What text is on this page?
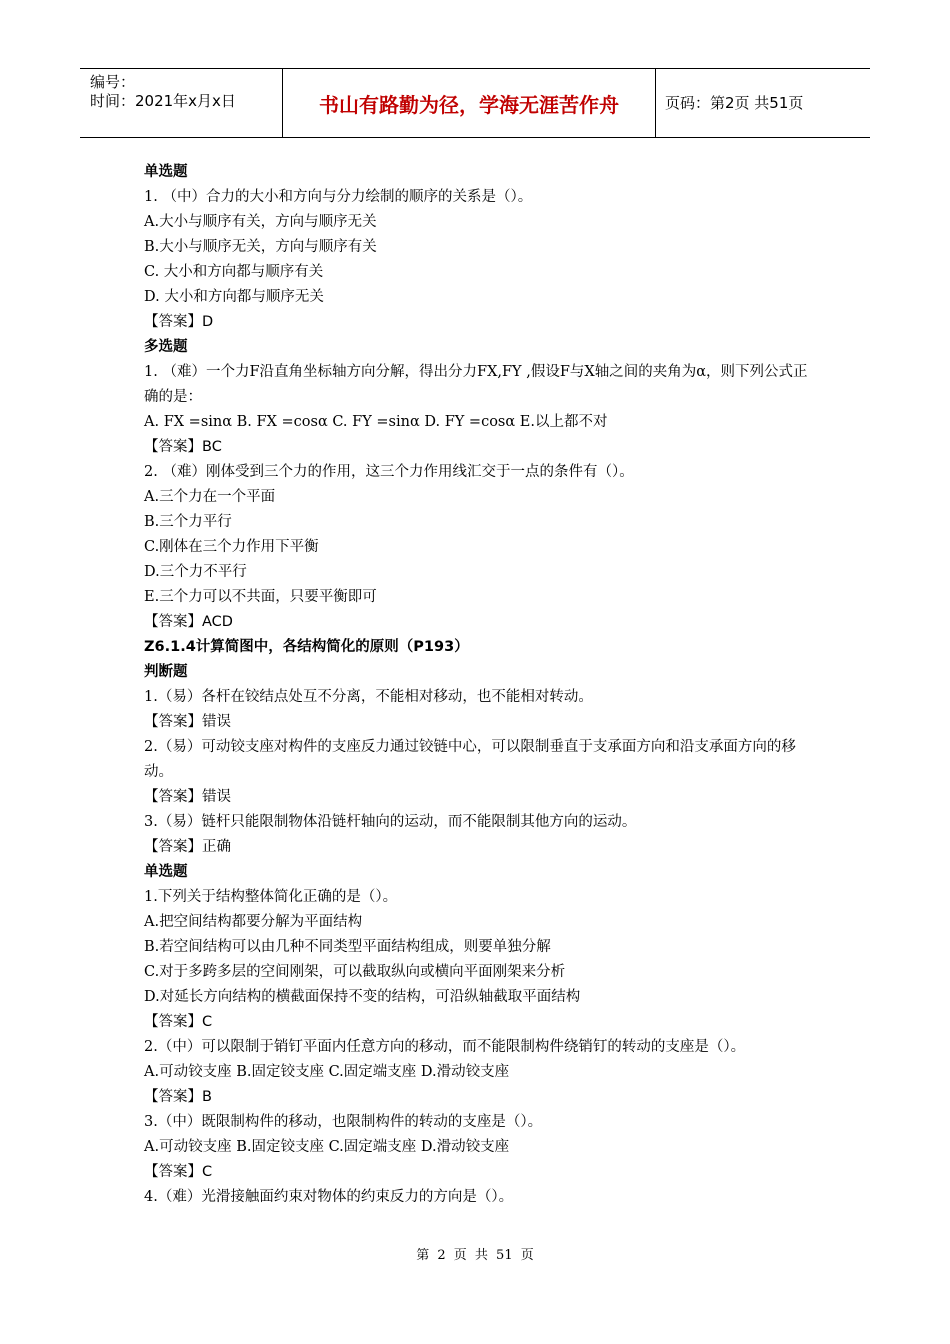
编号：
时间：2021年x月x日	书山有路勤为径，学海无涯苦作舟	页码：第2页 共51页
单选题
1. （中）合力的大小和方向与分力绘制的顺序的关系是（）。
A.大小与顺序有关，方向与顺序无关
B.大小与顺序无关，方向与顺序有关
C. 大小和方向都与顺序有关
D. 大小和方向都与顺序无关
【答案】D
多选题
1. （难）一个力F沿直角坐标轴方向分解，得出分力FX,FY ,假设F与X轴之间的夹角为α，则下列公式正确的是：
A. FX =sinα B. FX =cosα C. FY =sinα D. FY =cosα E.以上都不对
【答案】BC
2. （难）刚体受到三个力的作用，这三个力作用线汇交于一点的条件有（）。
A.三个力在一个平面
B.三个力平行
C.刚体在三个力作用下平衡
D.三个力不平行
E.三个力可以不共面，只要平衡即可
【答案】ACD
Z6.1.4计算简图中，各结构简化的原则（P193）
判断题
1.（易）各杆在铰结点处互不分离，不能相对移动，也不能相对转动。
【答案】错误
2.（易）可动铰支座对构件的支座反力通过铰链中心，可以限制垂直于支承面方向和沿支承面方向的移动。
【答案】错误
3.（易）链杆只能限制物体沿链杆轴向的运动，而不能限制其他方向的运动。
【答案】正确
单选题
1.下列关于结构整体简化正确的是（）。
A.把空间结构都要分解为平面结构
B.若空间结构可以由几种不同类型平面结构组成，则要单独分解
C.对于多跨多层的空间刚架，可以截取纵向或横向平面刚架来分析
D.对延长方向结构的横截面保持不变的结构，可沿纵轴截取平面结构
【答案】C
2.（中）可以限制于销钉平面内任意方向的移动，而不能限制构件绕销钉的转动的支座是（）。
A.可动铰支座 B.固定铰支座 C.固定端支座 D.滑动铰支座
【答案】B
3.（中）既限制构件的移动，也限制构件的转动的支座是（）。
A.可动铰支座 B.固定铰支座 C.固定端支座 D.滑动铰支座
【答案】C
4.（难）光滑接触面约束对物体的约束反力的方向是（）。
第 2 页 共 51 页
